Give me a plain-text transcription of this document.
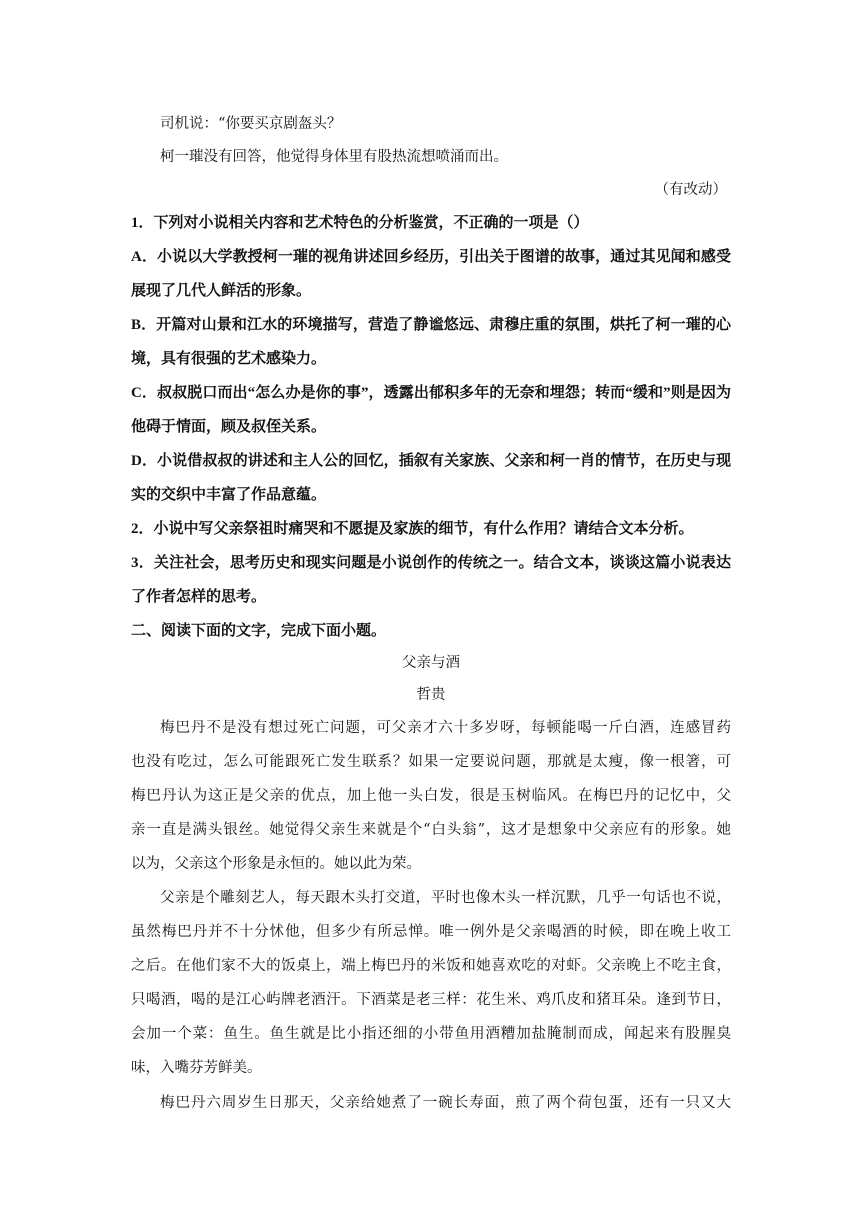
司机说：“你要买京剧盔头？
柯一璀没有回答，他觉得身体里有股热流想喷涌而出。
（有改动）
1．下列对小说相关内容和艺术特色的分析鉴赏，不正确的一项是（）
A．小说以大学教授柯一璀的视角讲述回乡经历，引出关于图谱的故事，通过其见闻和感受
展现了几代人鲜活的形象。
B．开篇对山景和江水的环境描写，营造了静谧悠远、肃穆庄重的氛围，烘托了柯一璀的心
境，具有很强的艺术感染力。
C．叔叔脱口而出“怎么办是你的事”，透露出郁积多年的无奈和埋怨；转而“缓和”则是因为
他碍于情面，顾及叔侄关系。
D．小说借叔叔的讲述和主人公的回忆，插叙有关家族、父亲和柯一肖的情节，在历史与现
实的交织中丰富了作品意蕴。
2．小说中写父亲祭祖时痛哭和不愿提及家族的细节，有什么作用？请结合文本分析。
3．关注社会，思考历史和现实问题是小说创作的传统之一。结合文本，谈谈这篇小说表达
了作者怎样的思考。
二、阅读下面的文字，完成下面小题。
父亲与酒
哲贵
梅巴丹不是没有想过死亡问题，可父亲才六十多岁呀，每顿能喝一斤白酒，连感冒药
也没有吃过，怎么可能跟死亡发生联系？如果一定要说问题，那就是太瘦，像一根箸，可
梅巴丹认为这正是父亲的优点，加上他一头白发，很是玉树临风。在梅巴丹的记忆中，父
亲一直是满头银丝。她觉得父亲生来就是个“白头翁”，这才是想象中父亲应有的形象。她
以为，父亲这个形象是永恒的。她以此为荣。
父亲是个雕刻艺人，每天跟木头打交道，平时也像木头一样沉默，几乎一句话也不说，
虽然梅巴丹并不十分怵他，但多少有所忌惮。唯一例外是父亲喝酒的时候，即在晚上收工
之后。在他们家不大的饭桌上，端上梅巴丹的米饭和她喜欢吃的对虾。父亲晚上不吃主食，
只喝酒，喝的是江心屿牌老酒汗。下酒菜是老三样：花生米、鸡爪皮和猪耳朵。逢到节日，
会加一个菜：鱼生。鱼生就是比小指还细的小带鱼用酒糟加盐腌制而成，闻起来有股腥臭
味，入嘴芬芳鲜美。
梅巴丹六周岁生日那天，父亲给她煮了一碗长寿面，煎了两个荷包蛋，还有一只又大
